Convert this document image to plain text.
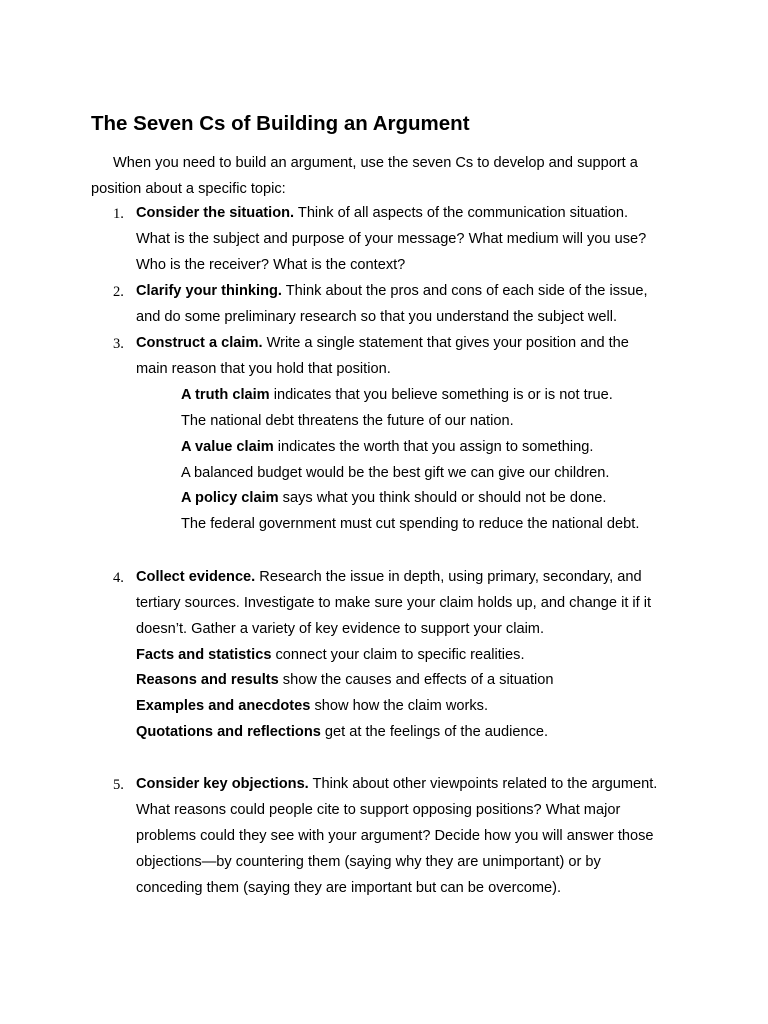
The Seven Cs of Building an Argument
When you need to build an argument, use the seven Cs to develop and support a
position about a specific topic:
1. Consider the situation. Think of all aspects of the communication situation.
What is the subject and purpose of your message? What medium will you use?
Who is the receiver? What is the context?
2. Clarify your thinking. Think about the pros and cons of each side of the issue,
and do some preliminary research so that you understand the subject well.
3. Construct a claim. Write a single statement that gives your position and the
main reason that you hold that position.
A truth claim indicates that you believe something is or is not true.
The national debt threatens the future of our nation.
A value claim indicates the worth that you assign to something.
A balanced budget would be the best gift we can give our children.
A policy claim says what you think should or should not be done.
The federal government must cut spending to reduce the national debt.
4. Collect evidence. Research the issue in depth, using primary, secondary, and
tertiary sources. Investigate to make sure your claim holds up, and change it if it
doesn’t. Gather a variety of key evidence to support your claim.
Facts and statistics connect your claim to specific realities.
Reasons and results show the causes and effects of a situation
Examples and anecdotes show how the claim works.
Quotations and reflections get at the feelings of the audience.
5. Consider key objections. Think about other viewpoints related to the argument.
What reasons could people cite to support opposing positions? What major
problems could they see with your argument? Decide how you will answer those
objections—by countering them (saying why they are unimportant) or by
conceding them (saying they are important but can be overcome).
